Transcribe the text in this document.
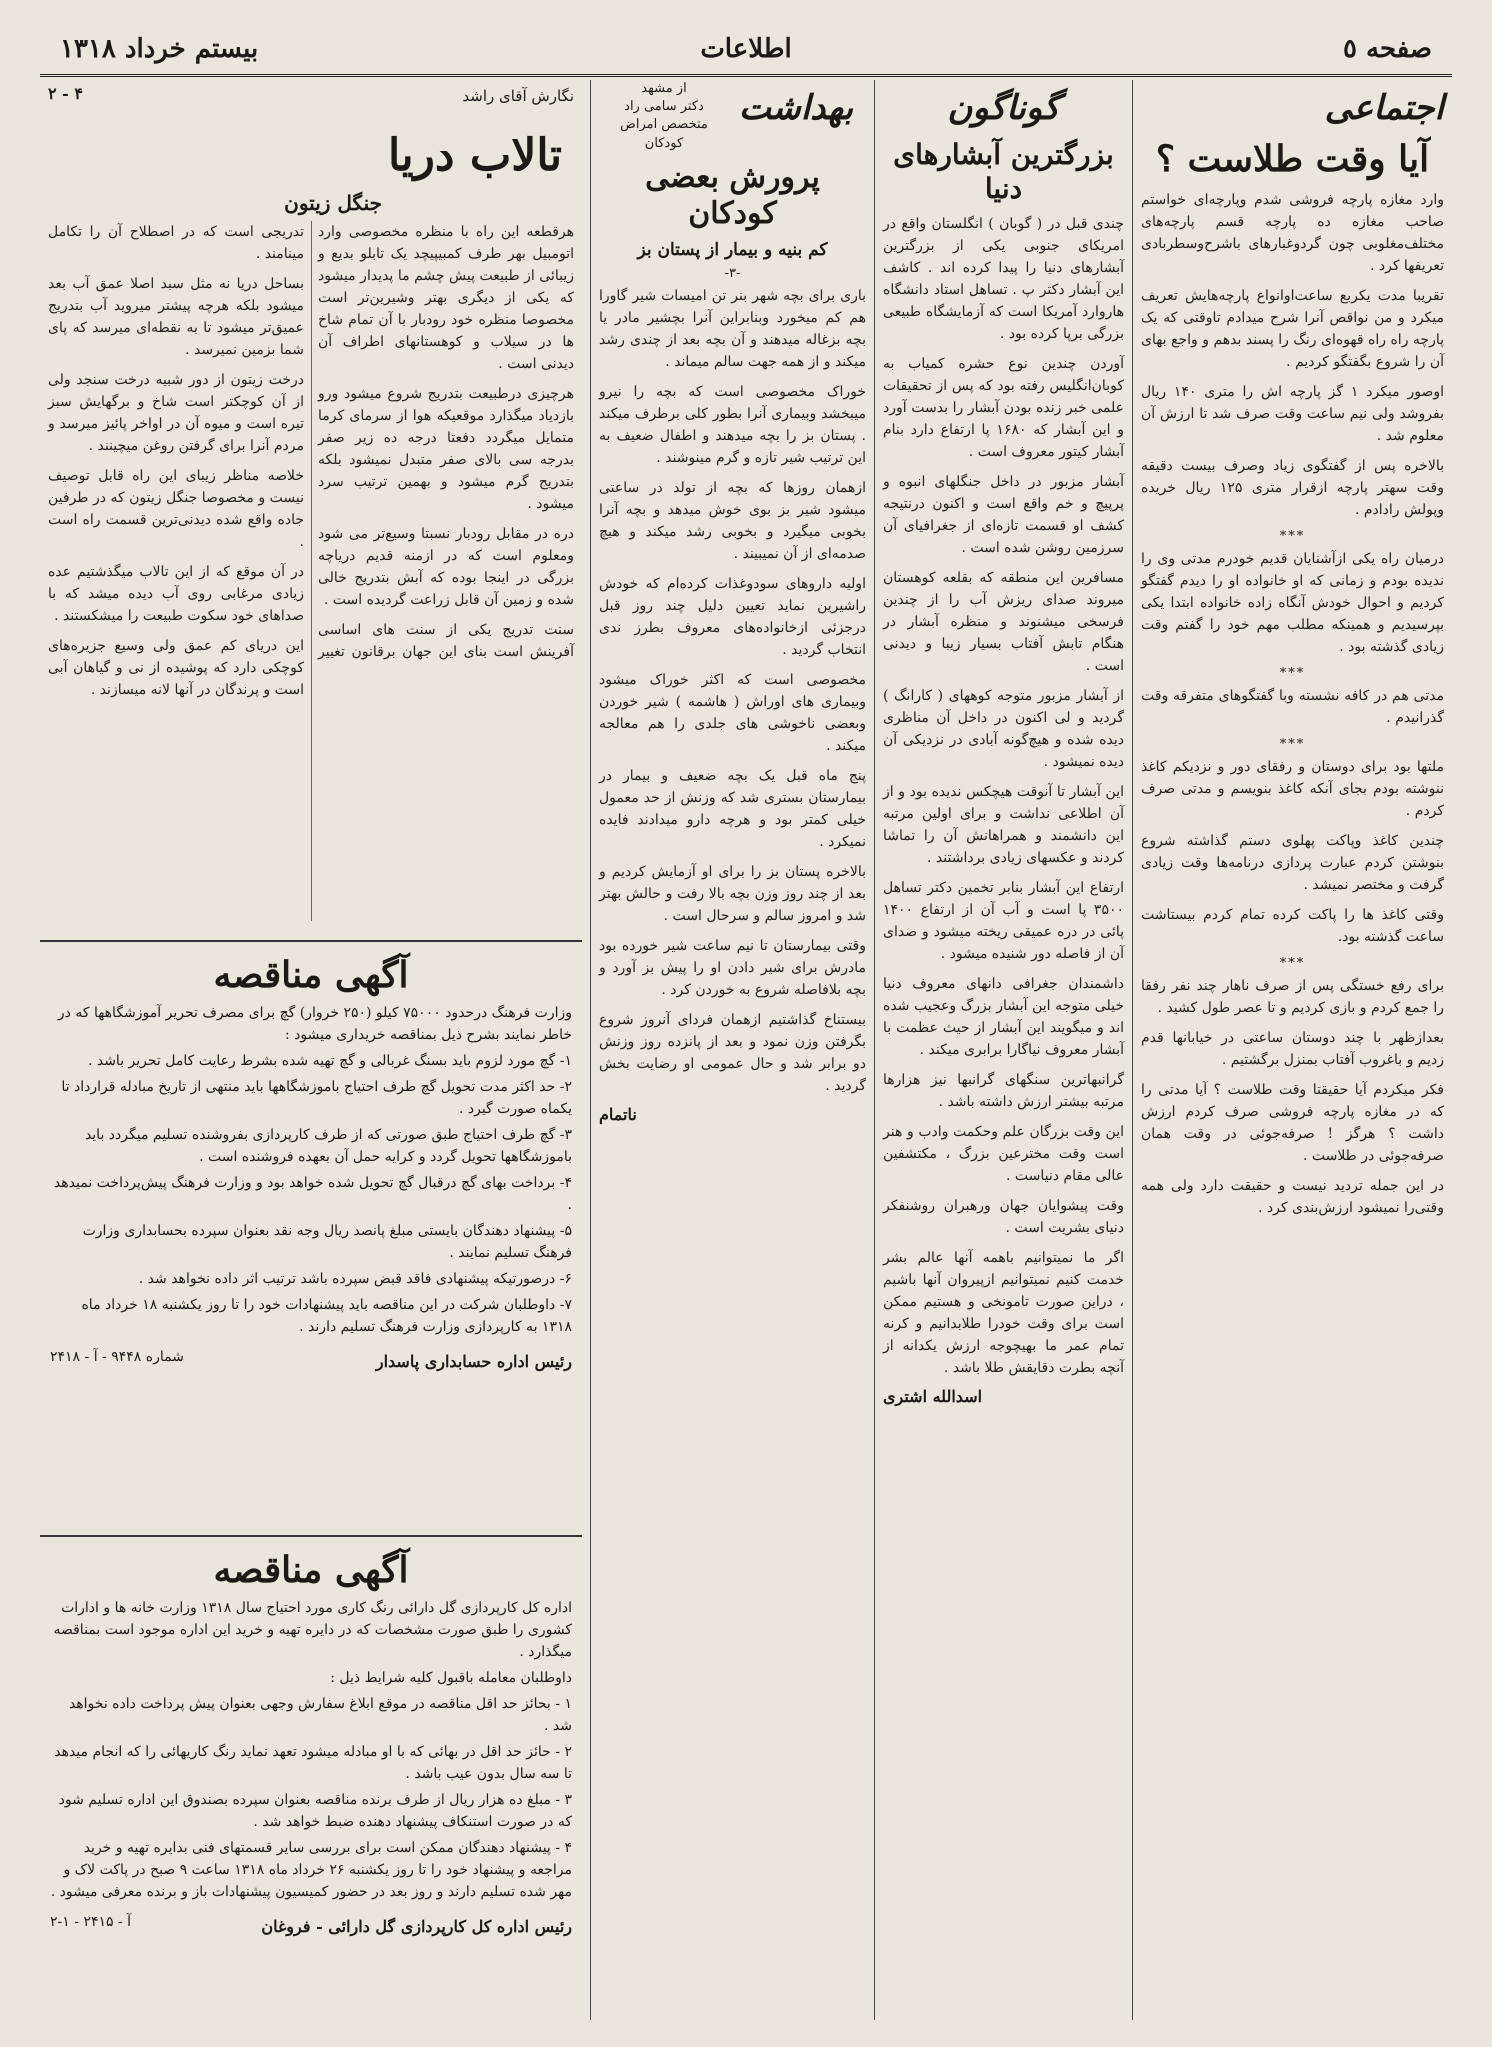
صفحه ٥
اطلاعات
بیستم خرداد ۱۳۱۸
اجتماعی
آیا وقت طلاست ؟

وارد مغازه پارچه فروشی شدم وپارچه‌ای خواستم صاحب مغازه ده پارچه قسم پارچه‌های مختلف‌مغلوبی چون گردوغبارهای باشرح‌وسطربادی تعریفها کرد .

تقریبا مدت یکربع ساعت‌اوانواع پارچه‌هایش تعریف میکرد و من نواقص آنرا شرح میدادم تاوقتی که یک پارچه راه راه قهوه‌ای رنگ را پسند بدهم و واجع بهای آن را شروع بگفتگو کردیم .

اوصور میکرد ۱ گز پارچه اش را متری ۱۴۰ ریال بفروشد ولی نیم ساعت وقت صرف شد تا ارزش آن معلوم شد .

بالاخره پس از گفتگوی زیاد وصرف بیست دقیقه وقت سهتر پارچه ازقرار متری ۱۲۵ ریال خریده وپولش رادادم .

***

درمیان راه یکی ازآشنایان قدیم خودرم مدتی وی را ندیده بودم و زمانی که او خانواده او را دیدم گفتگو کردیم و احوال خودش آنگاه زاده خانواده ابتدا یکی بپرسیدیم و همینکه مطلب مهم خود را گفتم وقت زیادی گذشته بود .

***

مدتی هم در کافه نشسته وبا گفتگو‌های متفرقه وقت گذرانیدم .

***

ملتها بود برای دوستان و رفقای دور و نزدیکم کاغذ ننوشته بودم بجای آنکه کاغذ بنویسم و مدتی صرف کردم .

چندین کاغذ وپاکت پهلوی دستم گذاشته شروع بنوشتن کردم عبارت پردازی درنامه‌ها وقت زیادی گرفت و مختصر نمیشد .

وقتی کاغذ ها را پاکت کرده تمام کردم بیستاشت ساعت گذشته بود.

***

برای رفع خستگی پس از صرف ناهار چند نفر رفقا را جمع کردم و بازی کردیم و تا عصر طول کشید .

بعدازظهر با چند دوستان ساعتی در خیابانها قدم زدیم و باغروب آفتاب بمنزل برگشتیم .

فکر میکردم آیا حقیقتا وقت طلاست ؟ آیا مدتی را که در مغازه پارچه فروشی صرف کردم ارزش داشت ؟ هرگز ! صرفه‌جوئی در وقت همان صرفه‌جوئی در طلاست .

در این جمله تردید نیست و حقیقت دارد ولی همه وقتی‌را نمیشود ارزش‌بندی کرد .

گوناگون
بزرگترین آبشارهای دنیا

چندی قبل در ( گوبان ) انگلستان واقع در امریکای جنوبی یکی از بزرگترین آبشارهای دنیا را پیدا کرده اند . کاشف این آبشار دکتر پ . تساهل استاد دانشگاه هاروارد آمریکا است که آزمایشگاه طبیعی بزرگی برپا کرده بود .

آوردن چندین نوع حشره کمیاب به کوبان‌انگلیس رفته بود که پس از تحقیقات علمی خبر زنده بودن آبشار را بدست آورد و این آبشار که ۱۶۸۰ پا ارتفاع دارد بنام آبشار کیتور معروف است .

آبشار مزبور در داخل جنگلهای انبوه و پرپیچ و خم واقع است و اکنون درنتیجه کشف او قسمت تازه‌ای از جغرافیای آن سرزمین روشن شده است .

مسافرین این منطقه که بقلعه کوهستان میروند صدای ریزش آب را از چندین فرسخی میشنوند و منظره آبشار در هنگام تابش آفتاب بسیار زیبا و دیدنی است .

از آبشار مزبور متوجه کوههای ( کارانگ ) گردید و لی اکنون در داخل آن مناظری دیده شده و هیچ‌گونه آبادی در نزدیکی آن دیده نمیشود .

این آبشار تا آنوقت هیچکس ندیده بود و از آن اطلاعی نداشت و برای اولین مرتبه این دانشمند و همراهانش آن را تماشا کردند و عکسهای زیادی برداشتند .

ارتفاع این آبشار بنابر تخمین دکتر تساهل ۳۵۰۰ پا است و آب آن از ارتفاع ۱۴۰۰ پائی در دره عمیقی ریخته میشود و صدای آن از فاصله دور شنیده میشود .

داشمندان جغرافی دانهای معروف دنیا خیلی متوجه این آبشار بزرگ وعجیب شده اند و میگویند این آبشار از حیث عظمت با آبشار معروف نیاگارا برابری میکند .

گرانبهاترین سنگهای گرانبها نیز هزارها مرتبه بیشتر ارزش داشته باشد .

این وقت بزرگان علم وحکمت وادب و هنر است وقت مخترعین بزرگ ، مکتشفین عالی مقام دنیاست .

وقت پیشوایان جهان ورهبران روشنفکر دنیای بشریت است .

اگر ما نمیتوانیم باهمه آنها عالم بشر خدمت کنیم نمیتوانیم ازپیروان آنها باشیم ، دراین صورت تامونخی و هستیم ممکن است برای وقت خودرا طلابدانیم و کرنه تمام عمر ما بهیچوجه ارزش یکدانه از آنچه بطرت دقایقش طلا باشد .

اسدالله اشتری
بهداشت
از مشهد
دکتر سامی راد
متخصص امراض کودکان
پرورش بعضی کودکان
کم بنیه و بیمار از پستان بز
-۳-

باری برای بچه شهر بنر تن امیسات شیر گاورا هم کم میخورد وبنابراین آنرا بچشیر مادر یا بچه بزغاله میدهند و آن بچه بعد از چندی رشد میکند و از همه جهت سالم میماند .

خوراک مخصوصی است که بچه را نیرو میبخشد وبیماری آنرا بطور کلی برطرف میکند . پستان بز را بچه میدهند و اطفال ضعیف به این ترتیب شیر تازه و گرم مینوشند .

ازهمان روزها که بچه از تولد در ساعتی میشود شیر بز بوی خوش میدهد و بچه آنرا بخوبی میگیرد و بخوبی رشد میکند و هیچ صدمه‌ای از آن نمیبیند .

اولیه داروهای سودوغذات کرده‌ام که خودش راشیرین نماید تعیین دلیل چند روز قبل درجزئی ازخانواده‌های معروف بطرز ندی انتخاب گردید .

مخصوصی است که اکثر خوراک میشود وبیماری های اوراش ( هاشمه ) شیر خوردن وبعضی ناخوشی های جلدی را هم معالجه میکند .

پنج ماه قبل یک بچه ضعیف و بیمار در بیمارستان بستری شد که وزنش از حد معمول خیلی کمتر بود و هرچه دارو میدادند فایده نمیکرد .

بالاخره پستان بز را برای او آزمایش کردیم و بعد از چند روز وزن بچه بالا رفت و حالش بهتر شد و امروز سالم و سرحال است .

وقتی بیمارستان تا نیم ساعت شیر خورده بود مادرش برای شیر دادن او را پیش بز آورد و بچه بلافاصله شروع به خوردن کرد .

بیستناخ گذاشتیم ازهمان فردای آنروز شروع بگرفتن وزن نمود و بعد از پانزده روز وزنش دو برابر شد و حال عمومی او رضایت بخش گردید .

ناتمام
نگارش آقای راشد
۴ - ۲
تالاب دریا
جنگل زیتون

هرقطعه این راه با منظره مخصوصی وارد اتومبیل بهر طرف کمبیپیچد یک تابلو بدیع و زیبائی از طبیعت پیش چشم ما پدیدار میشود که یکی از دیگری بهتر وشیرین‌تر است مخصوصا منظره خود رودبار با آن تمام شاخ ها در سیلاب و کوهستانهای اطراف آن دیدنی است .

هرچیزی درطبیعت بتدریج شروع میشود ورو بازدیاد میگذارد موقعیکه هوا از سرمای کرما متمایل میگردد دفعتا درجه ده زیر صفر بدرجه سی بالای صفر متبدل نمیشود بلکه بتدریج گرم میشود و بهمین ترتیب سرد میشود .

دره در مقابل رودبار نسبتا وسیع‌تر می شود ومعلوم است که در ازمنه قدیم دریاچه بزرگی در اینجا بوده که آبش بتدریج خالی شده و زمین آن قابل زراعت گردیده است .

سنت تدریج یکی از سنت های اساسی آفرینش است بنای این جهان برقانون تغییر تدریجی است که در اصطلاح آن را تکامل مینامند .

بساحل دریا نه مثل سبد اصلا عمق آب بعد میشود بلکه هرچه پیشتر میروید آب بتدریج عمیق‌تر میشود تا به نقطه‌ای میرسد که پای شما بزمین نمیرسد .

درخت زیتون از دور شبیه درخت سنجد ولی از آن کوچکتر است شاخ و برگهایش سبز تیره است و میوه آن در اواخر پائیز میرسد و مردم آنرا برای گرفتن روغن میچینند .

خلاصه مناظر زیبای این راه قابل توصیف نیست و مخصوصا جنگل زیتون که در طرفین جاده واقع شده دیدنی‌ترین قسمت راه است .

در آن موقع که از این تالاب میگذشتیم عده زیادی مرغابی روی آب دیده میشد که با صداهای خود سکوت طبیعت را میشکستند .

این دریای کم عمق ولی وسیع جزیره‌های کوچکی دارد که پوشیده از نی و گیاهان آبی است و پرندگان در آنها لانه میسازند .

آگهی مناقصه

وزارت فرهنگ درحدود ۷۵۰۰۰ کیلو (۲۵۰ خروار) گچ برای مصرف تحریر آموزشگاهها که در خاطر نمایند بشرح ذیل بمناقصه خریداری میشود :

۱- گچ مورد لزوم باید بسنگ غربالی و گچ تهیه شده بشرط رعایت کامل تحریر باشد .

۲- حد اکثر مدت تحویل گچ طرف احتیاج باموزشگاهها باید منتهی از تاریخ مبادله قرارداد تا یکماه صورت گیرد .

۳- گچ طرف احتیاج طبق صورتی که از طرف کارپردازی بفروشنده تسلیم میگردد باید باموزشگاهها تحویل گردد و کرایه حمل آن بعهده فروشنده است .

۴- برداخت بهای گچ درقبال گچ تحویل شده خواهد بود و وزارت فرهنگ پیش‌پرداخت نمیدهد .

۵- پیشنهاد دهندگان بایستی مبلغ پانصد ریال وجه نقد بعنوان سپرده بحسابداری وزارت فرهنگ تسلیم نمایند .

۶- درصورتیکه پیشنهادی فاقد قبض سپرده باشد ترتیب اثر داده نخواهد شد .

۷- داوطلبان شرکت در این مناقصه باید پیشنهادات خود را تا روز یکشنبه ۱۸ خرداد ماه ۱۳۱۸ به کارپردازی وزارت فرهنگ تسلیم دارند .

رئیس اداره حسابداری پاسدار
شماره ۹۴۴۸ - آ - ۲۴۱۸
آگهی مناقصه

اداره کل کارپردازی گل دارائی رنگ کاری مورد احتیاج سال ۱۳۱۸ وزارت خانه ها و ادارات کشوری را طبق صورت مشخصات که در دایره تهیه و خرید این اداره موجود است بمناقصه میگذارد .

داوطلبان معامله باقبول کلیه شرایط ذیل :

۱ - بحائز حد اقل مناقصه در موقع ابلاغ سفارش وجهی بعنوان پیش پرداخت داده نخواهد شد .

۲ - حائز حد اقل در بهائی که با او مبادله میشود تعهد نماید رنگ کاریهائی را که انجام میدهد تا سه سال بدون عیب باشد .

۳ - مبلغ ده هزار ریال از طرف برنده مناقصه بعنوان سپرده بصندوق این اداره تسلیم شود که در صورت استنکاف پیشنهاد دهنده ضبط خواهد شد .

۴ - پیشنهاد دهندگان ممکن است برای بررسی سایر قسمتهای فنی بدایره تهیه و خرید مراجعه و پیشنهاد خود را تا روز یکشنبه ۲۶ خرداد ماه ۱۳۱۸ ساعت ۹ صبح در پاکت لاک و مهر شده تسلیم دارند و روز بعد در حضور کمیسیون پیشنهادات باز و برنده معرفی میشود .

رئیس اداره کل کارپردازی گل دارائی - فروغان
آ - ۲۴۱۵ - ۱-۲
